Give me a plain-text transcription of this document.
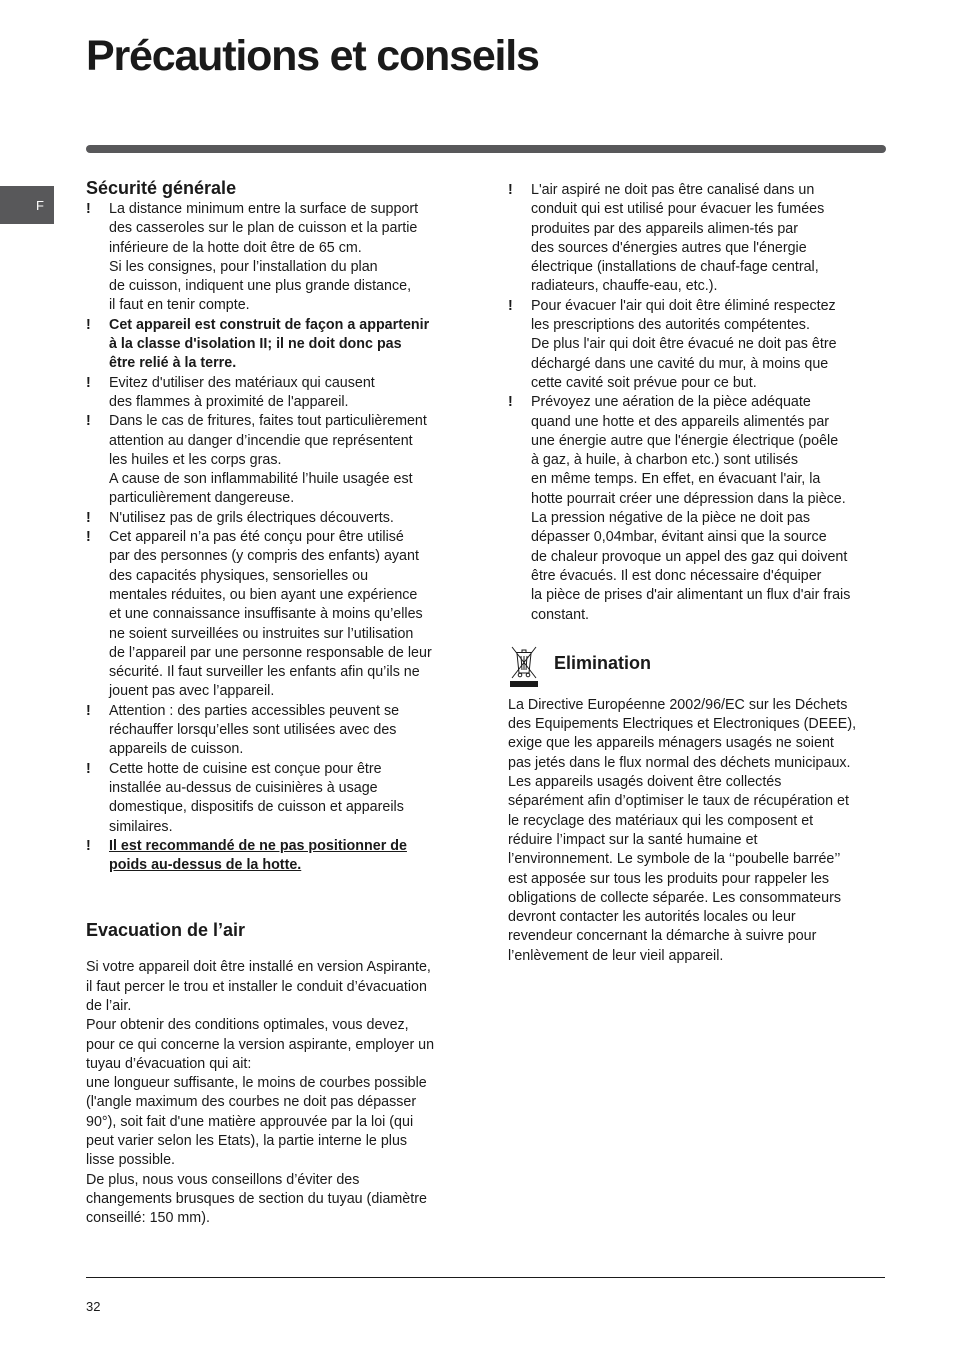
Précautions et conseils
F
Sécurité générale
! La distance minimum entre la surface de support
des casseroles sur le plan de cuisson et la partie
inférieure de la hotte doit être de 65 cm.
Si les consignes, pour l’installation du plan
de cuisson, indiquent une plus grande distance,
il faut en tenir compte.
! Cet appareil est construit de façon a appartenir
à la classe d'isolation II; il ne doit donc pas
être relié à la terre.
! Evitez d'utiliser des matériaux qui causent
des flammes à proximité de l'appareil.
! Dans le cas de fritures, faites tout particulièrement
attention au danger d’incendie que représentent
les huiles et les corps gras.
A cause de son inflammabilité l’huile usagée est
particulièrement dangereuse.
! N'utilisez pas de grils électriques découverts.
! Cet appareil n’a pas été conçu pour être utilisé
par des personnes (y compris des enfants) ayant
des capacités physiques, sensorielles ou
mentales réduites, ou bien ayant une expérience
et une connaissance insuffisante à moins qu’elles
ne soient surveillées ou instruites sur l’utilisation
de l’appareil par une personne responsable de leur
sécurité. Il faut surveiller les enfants afin qu’ils ne
jouent pas avec l’appareil.
! Attention : des parties accessibles peuvent se
réchauffer lorsqu’elles sont utilisées avec des
appareils de cuisson.
! Cette hotte de cuisine est conçue pour être
installée au-dessus de cuisinières à usage
domestique, dispositifs de cuisson et appareils
similaires.
! Il est recommandé de ne pas positionner de
poids au-dessus de la hotte.
Evacuation de l’air
Si votre appareil doit être installé en version Aspirante,
il faut percer le trou et installer le conduit d’évacuation
de l’air.
Pour obtenir des conditions optimales, vous devez,
pour ce qui concerne la version aspirante, employer un
tuyau d’évacuation qui ait:
une longueur suffisante, le moins de courbes possible
(l'angle maximum des courbes ne doit pas dépasser
90°), soit fait d'une matière approuvée par la loi (qui
peut varier selon les Etats), la partie interne le plus
lisse possible.
De plus, nous vous conseillons d’éviter des
changements brusques de section du tuyau (diamètre
conseillé: 150 mm).
! L'air aspiré ne doit pas être canalisé dans un
conduit qui est utilisé pour évacuer les fumées
produites par des appareils alimen-tés par
des sources d'énergies autres que l'énergie
électrique (installations de chauf-fage central,
radiateurs, chauffe-eau, etc.).
! Pour évacuer l'air qui doit être éliminé respectez
les prescriptions des autorités compétentes.
De plus l'air qui doit être évacué ne doit pas être
déchargé dans une cavité du mur, à moins que
cette cavité soit prévue pour ce but.
! Prévoyez une aération de la pièce adéquate
quand une hotte et des appareils alimentés par
une énergie autre que l'énergie électrique (poêle
à gaz, à huile, à charbon etc.) sont utilisés
en même temps. En effet, en évacuant l'air, la
hotte pourrait créer une dépression dans la pièce.
La pression négative de la pièce ne doit pas
dépasser 0,04mbar, évitant ainsi que la source
de chaleur provoque un appel des gaz qui doivent
être évacués. Il est donc nécessaire d'équiper
la pièce de prises d'air alimentant un flux d'air frais
constant.
Elimination
La Directive Européenne 2002/96/EC sur les Déchets
des Equipements Electriques et Electroniques (DEEE),
exige que les appareils ménagers usagés ne soient
pas jetés dans le flux normal des déchets municipaux.
Les appareils usagés doivent être collectés
séparément afin d’optimiser le taux de récupération et
le recyclage des matériaux qui les composent et
réduire l’impact sur la santé humaine et
l’environnement. Le symbole de la ‘‘poubelle barrée’’
est apposée sur tous les produits pour rappeler les
obligations de collecte séparée. Les consommateurs
devront contacter les autorités locales ou leur
revendeur concernant la démarche à suivre pour
l’enlèvement de leur vieil appareil.
32
